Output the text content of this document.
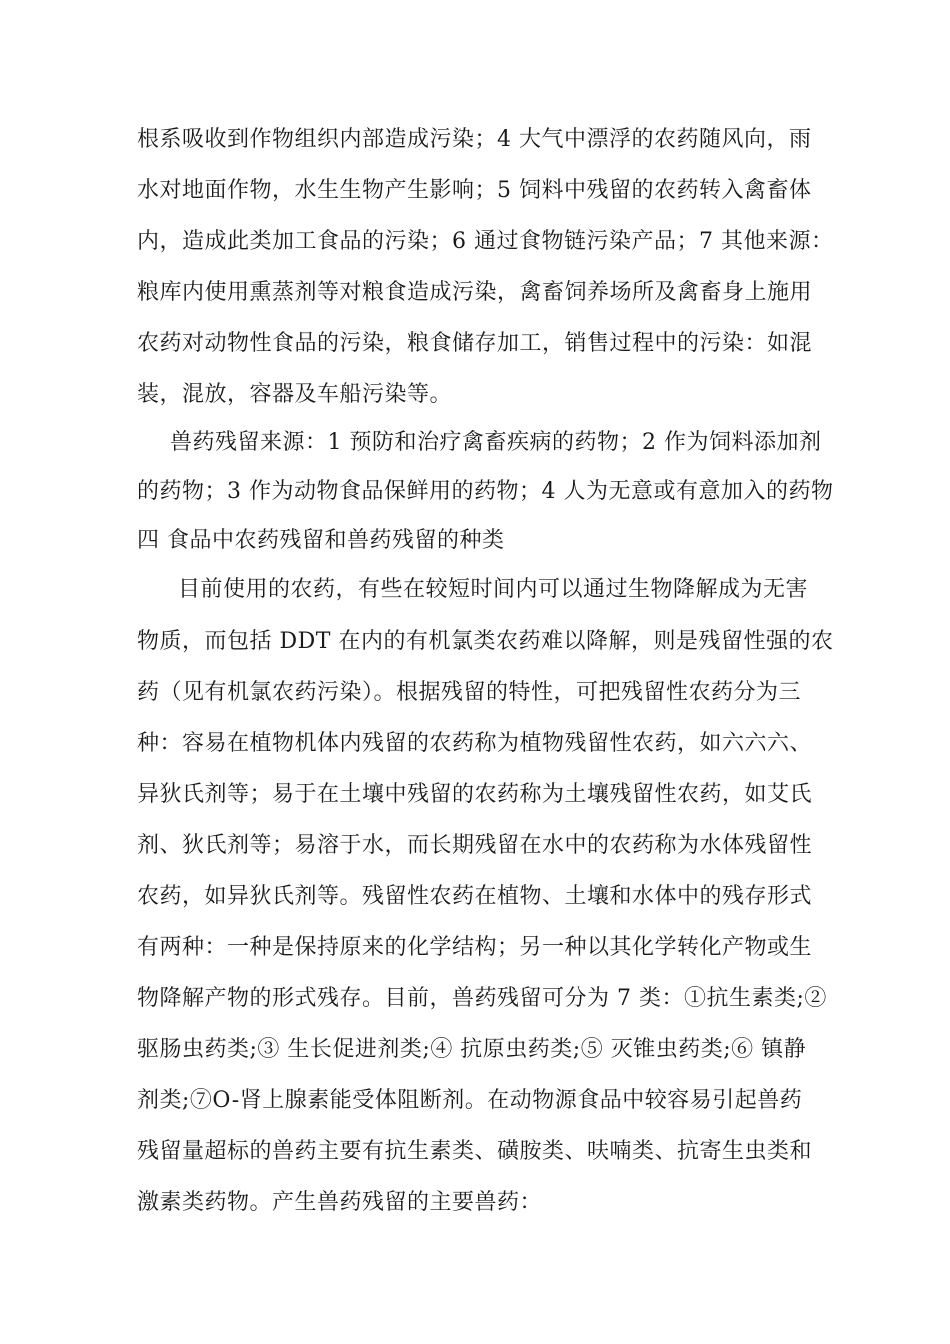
根系吸收到作物组织内部造成污染；4 大气中漂浮的农药随风向，雨
水对地面作物，水生生物产生影响；5 饲料中残留的农药转入禽畜体
内，造成此类加工食品的污染；6 通过食物链污染产品；7 其他来源：
粮库内使用熏蒸剂等对粮食造成污染，禽畜饲养场所及禽畜身上施用
农药对动物性食品的污染，粮食储存加工，销售过程中的污染：如混
装，混放，容器及车船污染等。
兽药残留来源：1 预防和治疗禽畜疾病的药物；2 作为饲料添加剂
的药物；3 作为动物食品保鲜用的药物；4 人为无意或有意加入的药物
四 食品中农药残留和兽药残留的种类
目前使用的农药，有些在较短时间内可以通过生物降解成为无害
物质，而包括 DDT 在内的有机氯类农药难以降解，则是残留性强的农
药（见有机氯农药污染）。根据残留的特性，可把残留性农药分为三
种：容易在植物机体内残留的农药称为植物残留性农药，如六六六、
异狄氏剂等；易于在土壤中残留的农药称为土壤残留性农药，如艾氏
剂、狄氏剂等；易溶于水，而长期残留在水中的农药称为水体残留性
农药，如异狄氏剂等。残留性农药在植物、土壤和水体中的残存形式
有两种：一种是保持原来的化学结构；另一种以其化学转化产物或生
物降解产物的形式残存。目前，兽药残留可分为 7 类：①抗生素类;②
驱肠虫药类;③ 生长促进剂类;④ 抗原虫药类;⑤ 灭锥虫药类;⑥ 镇静
剂类;⑦O-肾上腺素能受体阻断剂。在动物源食品中较容易引起兽药
残留量超标的兽药主要有抗生素类、磺胺类、呋喃类、抗寄生虫类和
激素类药物。产生兽药残留的主要兽药：
